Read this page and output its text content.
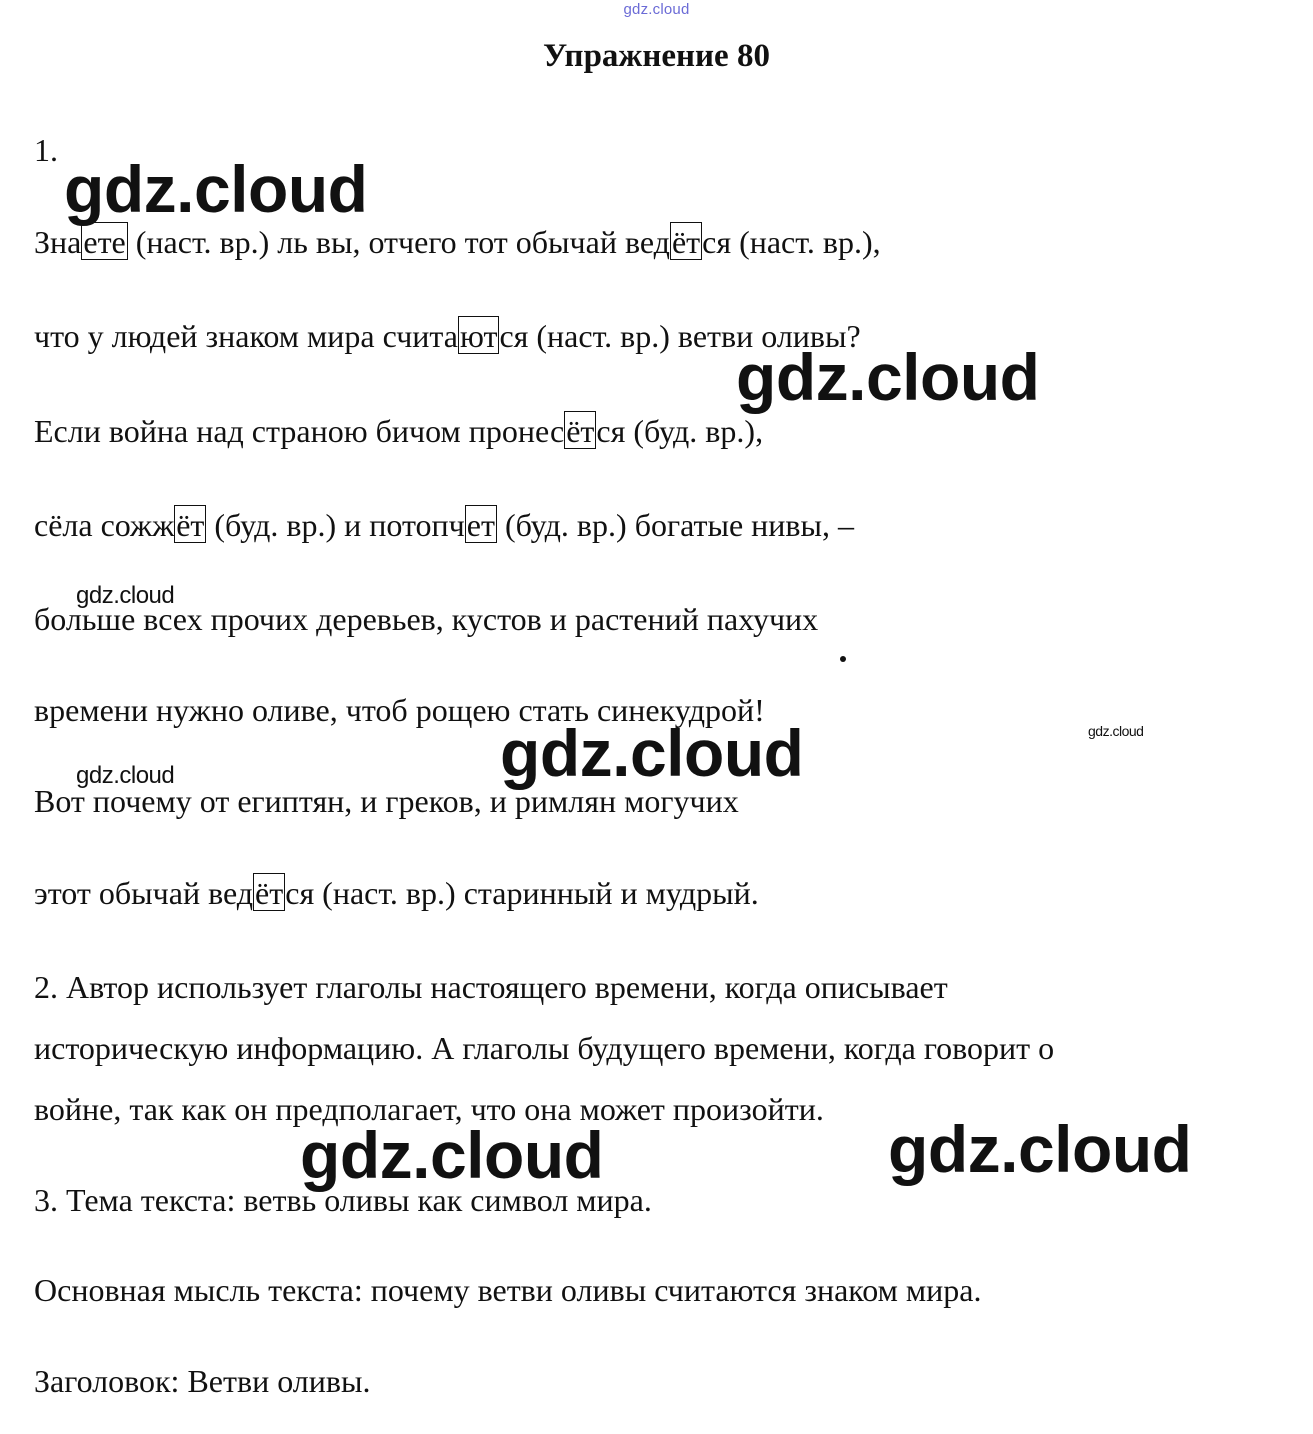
gdz.cloud
Упражнение 80
1.
Знаете (наст. вр.) ль вы, отчего тот обычай ведётся (наст. вр.),
что у людей знаком мира считаются (наст. вр.) ветви оливы?
Если война над страною бичом пронесётся (буд. вр.),
сёла сожжёт (буд. вр.) и потопчет (буд. вр.) богатые нивы, –
больше всех прочих деревьев, кустов и растений пахучих
времени нужно оливе, чтоб рощею стать синекудрой!
Вот почему от египтян, и греков, и римлян могучих
этот обычай ведётся (наст. вр.) старинный и мудрый.
2. Автор использует глаголы настоящего времени, когда описывает
историческую информацию. А глаголы будущего времени, когда говорит о
войне, так как он предполагает, что она может произойти.
3. Тема текста: ветвь оливы как символ мира.
Основная мысль текста: почему ветви оливы считаются знаком мира.
Заголовок: Ветви оливы.
gdz.cloud
gdz.cloud
gdz.cloud
gdz.cloud	gdz.cloud
gdz.cloud
gdz.cloud	gdz.cloud
